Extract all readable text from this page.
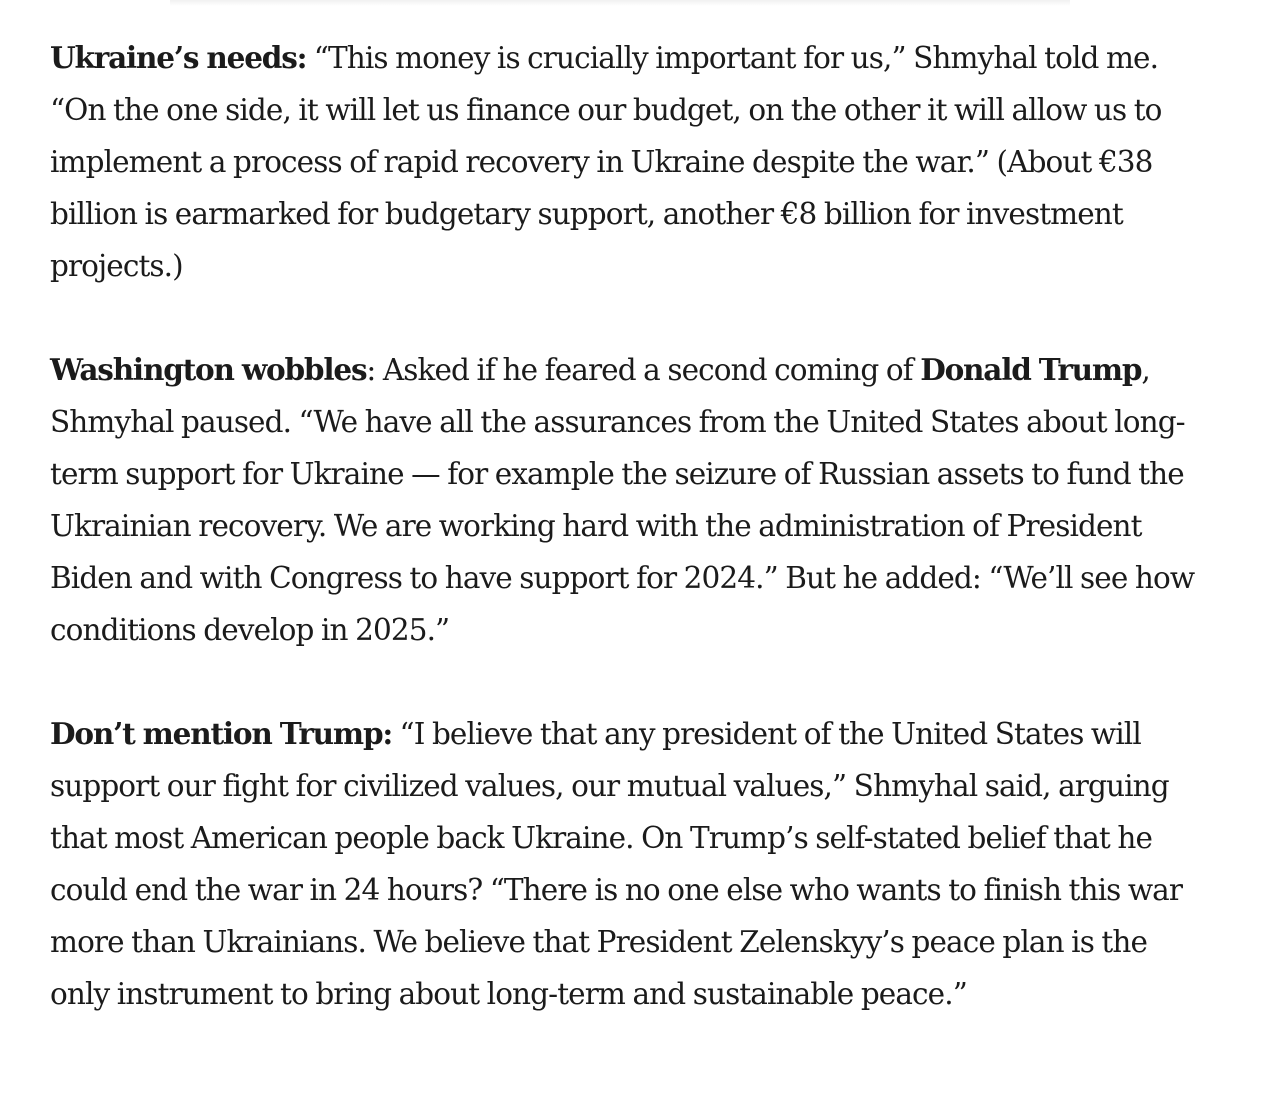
Ukraine’s needs: “This money is crucially important for us,” Shmyhal told me. “On the one side, it will let us finance our budget, on the other it will allow us to implement a process of rapid recovery in Ukraine despite the war.” (About €38 billion is earmarked for budgetary support, another €8 billion for investment projects.)

Washington wobbles: Asked if he feared a second coming of Donald Trump, Shmyhal paused. “We have all the assurances from the United States about long-term support for Ukraine — for example the seizure of Russian assets to fund the Ukrainian recovery. We are working hard with the administration of President Biden and with Congress to have support for 2024.” But he added: “We’ll see how conditions develop in 2025.”

Don’t mention Trump: “I believe that any president of the United States will support our fight for civilized values, our mutual values,” Shmyhal said, arguing that most American people back Ukraine. On Trump’s self-stated belief that he could end the war in 24 hours? “There is no one else who wants to finish this war more than Ukrainians. We believe that President Zelenskyy’s peace plan is the only instrument to bring about long-term and sustainable peace.”
